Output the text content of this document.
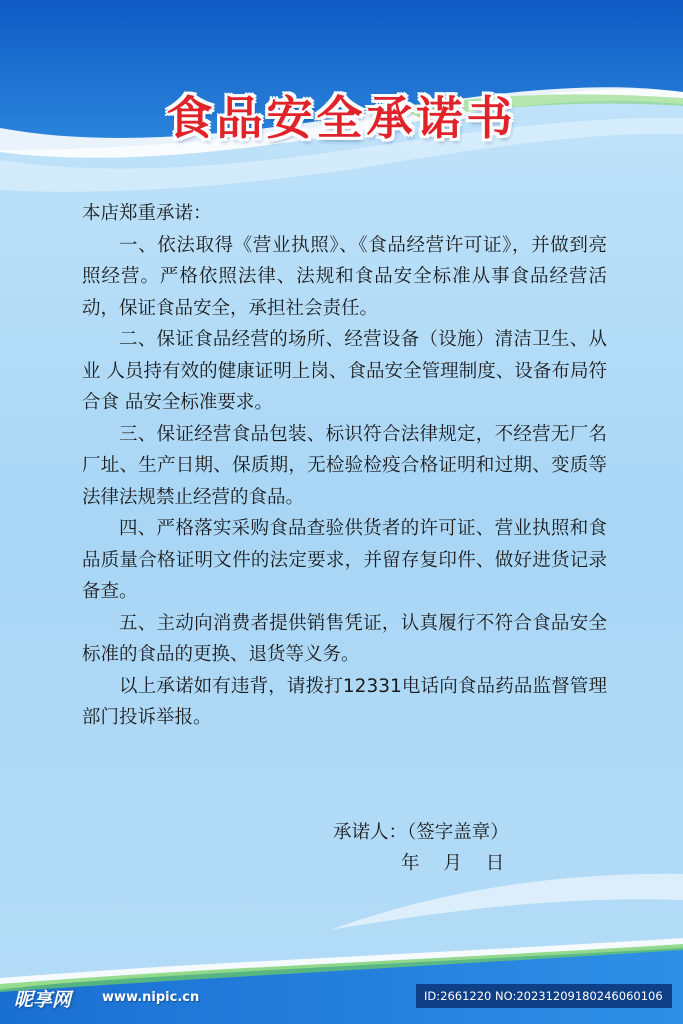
食品安全承诺书

本店郑重承诺：

一、依法取得《营业执照》、《食品经营许可证》，并做到亮照经营。严格依照法律、法规和食品安全标准从事食品经营活动，保证食品安全，承担社会责任。

二、保证食品经营的场所、经营设备（设施）清洁卫生、从业 人员持有效的健康证明上岗、食品安全管理制度、设备布局符合食 品安全标准要求。

三、保证经营食品包装、标识符合法律规定，不经营无厂名厂址、生产日期、保质期，无检验检疫合格证明和过期、变质等法律法规禁止经营的食品。

四、严格落实采购食品查验供货者的许可证、营业执照和食品质量合格证明文件的法定要求，并留存复印件、做好进货记录备查。

五、主动向消费者提供销售凭证，认真履行不符合食品安全标准的食品的更换、退货等义务。

以上承诺如有违背，请拨打12331电话向食品药品监督管理部门投诉举报。

承诺人：（签字盖章）
年 月 日
昵享网 www.nipic.cn	ID:2661220 NO:20231209180246060106
